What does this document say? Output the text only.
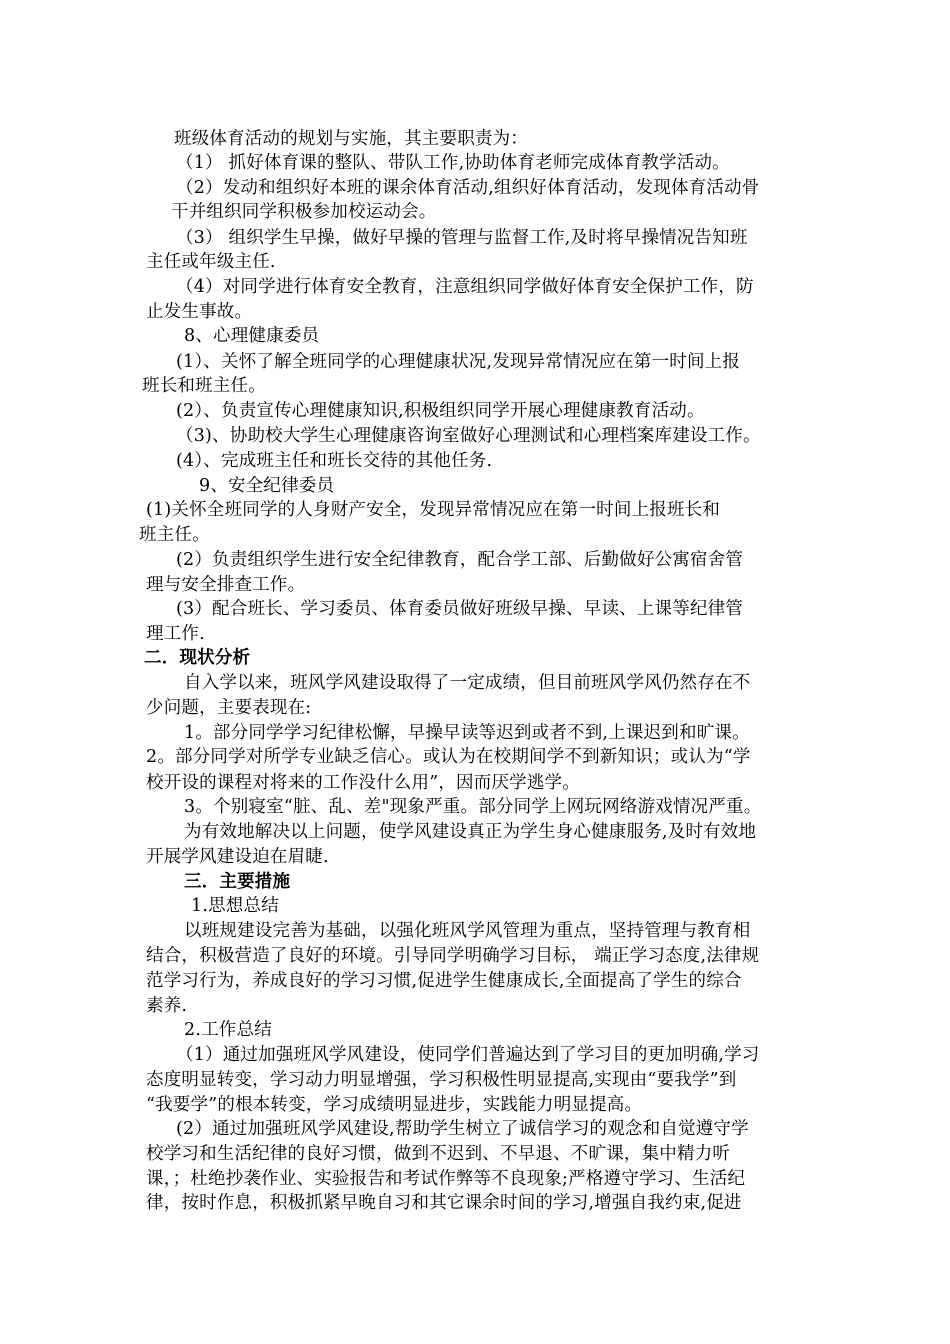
班级体育活动的规划与实施，其主要职责为：
（1） 抓好体育课的整队、带队工作,协助体育老师完成体育教学活动。
（2）发动和组织好本班的课余体育活动,组织好体育活动，发现体育活动骨
干并组织同学积极参加校运动会。
（3） 组织学生早操，做好早操的管理与监督工作,及时将早操情况告知班
主任或年级主任.
（4）对同学进行体育安全教育，注意组织同学做好体育安全保护工作，防
止发生事故。
8、心理健康委员
(1）、关怀了解全班同学的心理健康状况,发现异常情况应在第一时间上报
班长和班主任。
(2）、负责宣传心理健康知识,积极组织同学开展心理健康教育活动。
（3)、协助校大学生心理健康咨询室做好心理测试和心理档案库建设工作。
(4）、完成班主任和班长交待的其他任务.
9、安全纪律委员
(1)关怀全班同学的人身财产安全，发现异常情况应在第一时间上报班长和
班主任。
(2）负责组织学生进行安全纪律教育，配合学工部、后勤做好公寓宿舍管
理与安全排查工作。
(3）配合班长、学习委员、体育委员做好班级早操、早读、上课等纪律管
理工作.
二．现状分析
自入学以来，班风学风建设取得了一定成绩，但目前班风学风仍然存在不
少问题，主要表现在:
1。部分同学学习纪律松懈，早操早读等迟到或者不到,上课迟到和旷课。
2。部分同学对所学专业缺乏信心。或认为在校期间学不到新知识；或认为“学
校开设的课程对将来的工作没什么用”，因而厌学逃学。
3。个别寝室“脏、乱、差"现象严重。部分同学上网玩网络游戏情况严重。
为有效地解决以上问题，使学风建设真正为学生身心健康服务,及时有效地
开展学风建设迫在眉睫.
三．主要措施
1.思想总结
以班规建设完善为基础，以强化班风学风管理为重点，坚持管理与教育相
结合，积极营造了良好的环境。引导同学明确学习目标， 端正学习态度,法律规
范学习行为，养成良好的学习习惯,促进学生健康成长,全面提高了学生的综合
素养.
2.工作总结
（1）通过加强班风学风建设，使同学们普遍达到了学习目的更加明确,学习
态度明显转变，学习动力明显增强，学习积极性明显提高,实现由“要我学”到
“我要学”的根本转变，学习成绩明显进步，实践能力明显提高。
(2）通过加强班风学风建设,帮助学生树立了诚信学习的观念和自觉遵守学
校学习和生活纪律的良好习惯，做到不迟到、不早退、不旷课，集中精力听
课，；杜绝抄袭作业、实验报告和考试作弊等不良现象;严格遵守学习、生活纪
律，按时作息，积极抓紧早晚自习和其它课余时间的学习,增强自我约束,促进
